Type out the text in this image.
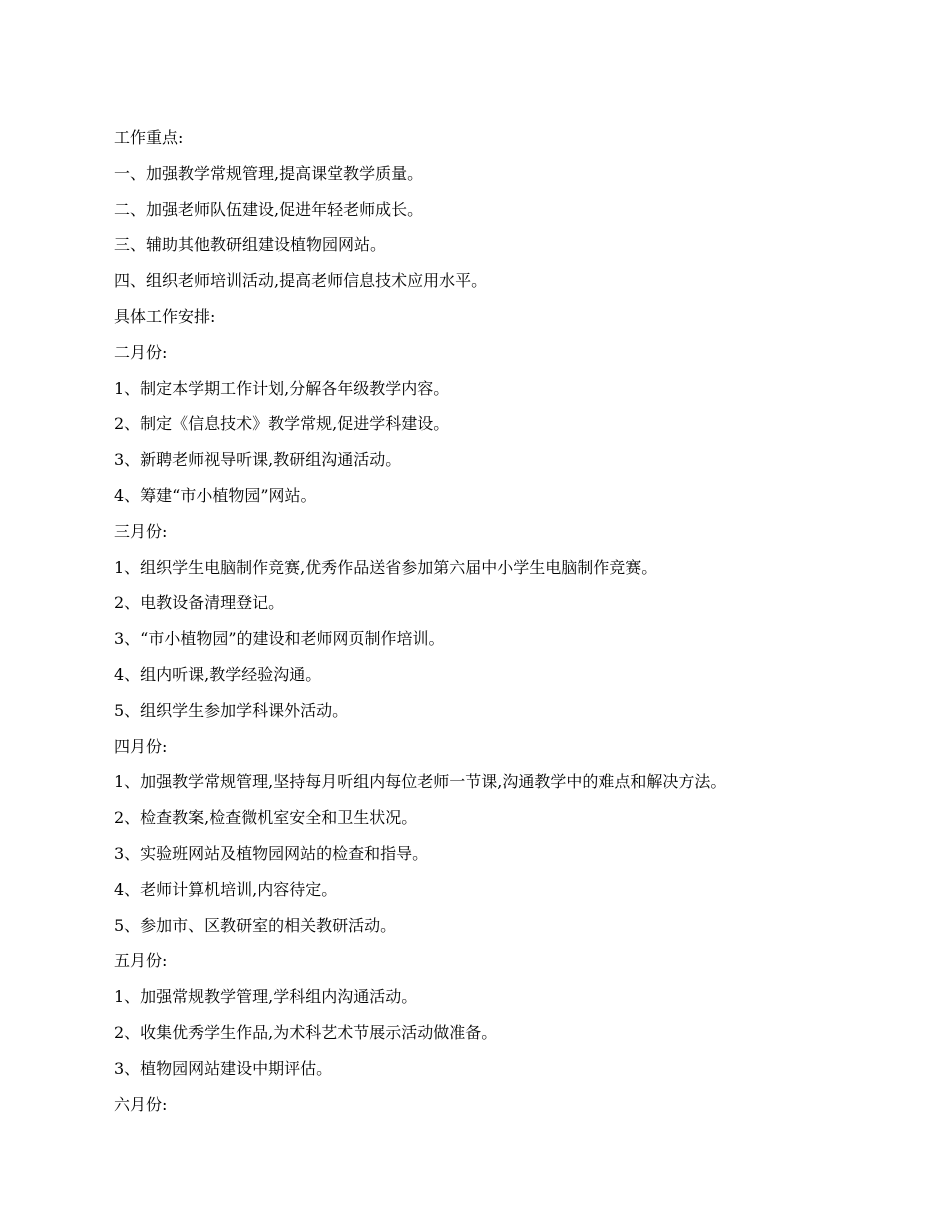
工作重点:
一、加强教学常规管理,提高课堂教学质量。
二、加强老师队伍建设,促进年轻老师成长。
三、辅助其他教研组建设植物园网站。
四、组织老师培训活动,提高老师信息技术应用水平。
具体工作安排:
二月份:
1、制定本学期工作计划,分解各年级教学内容。
2、制定《信息技术》教学常规,促进学科建设。
3、新聘老师视导听课,教研组沟通活动。
4、筹建“市小植物园”网站。
三月份:
1、组织学生电脑制作竞赛,优秀作品送省参加第六届中小学生电脑制作竞赛。
2、电教设备清理登记。
3、“市小植物园”的建设和老师网页制作培训。
4、组内听课,教学经验沟通。
5、组织学生参加学科课外活动。
四月份:
1、加强教学常规管理,坚持每月听组内每位老师一节课,沟通教学中的难点和解决方法。
2、检查教案,检查微机室安全和卫生状况。
3、实验班网站及植物园网站的检查和指导。
4、老师计算机培训,内容待定。
5、参加市、区教研室的相关教研活动。
五月份:
1、加强常规教学管理,学科组内沟通活动。
2、收集优秀学生作品,为术科艺术节展示活动做准备。
3、植物园网站建设中期评估。
六月份:
